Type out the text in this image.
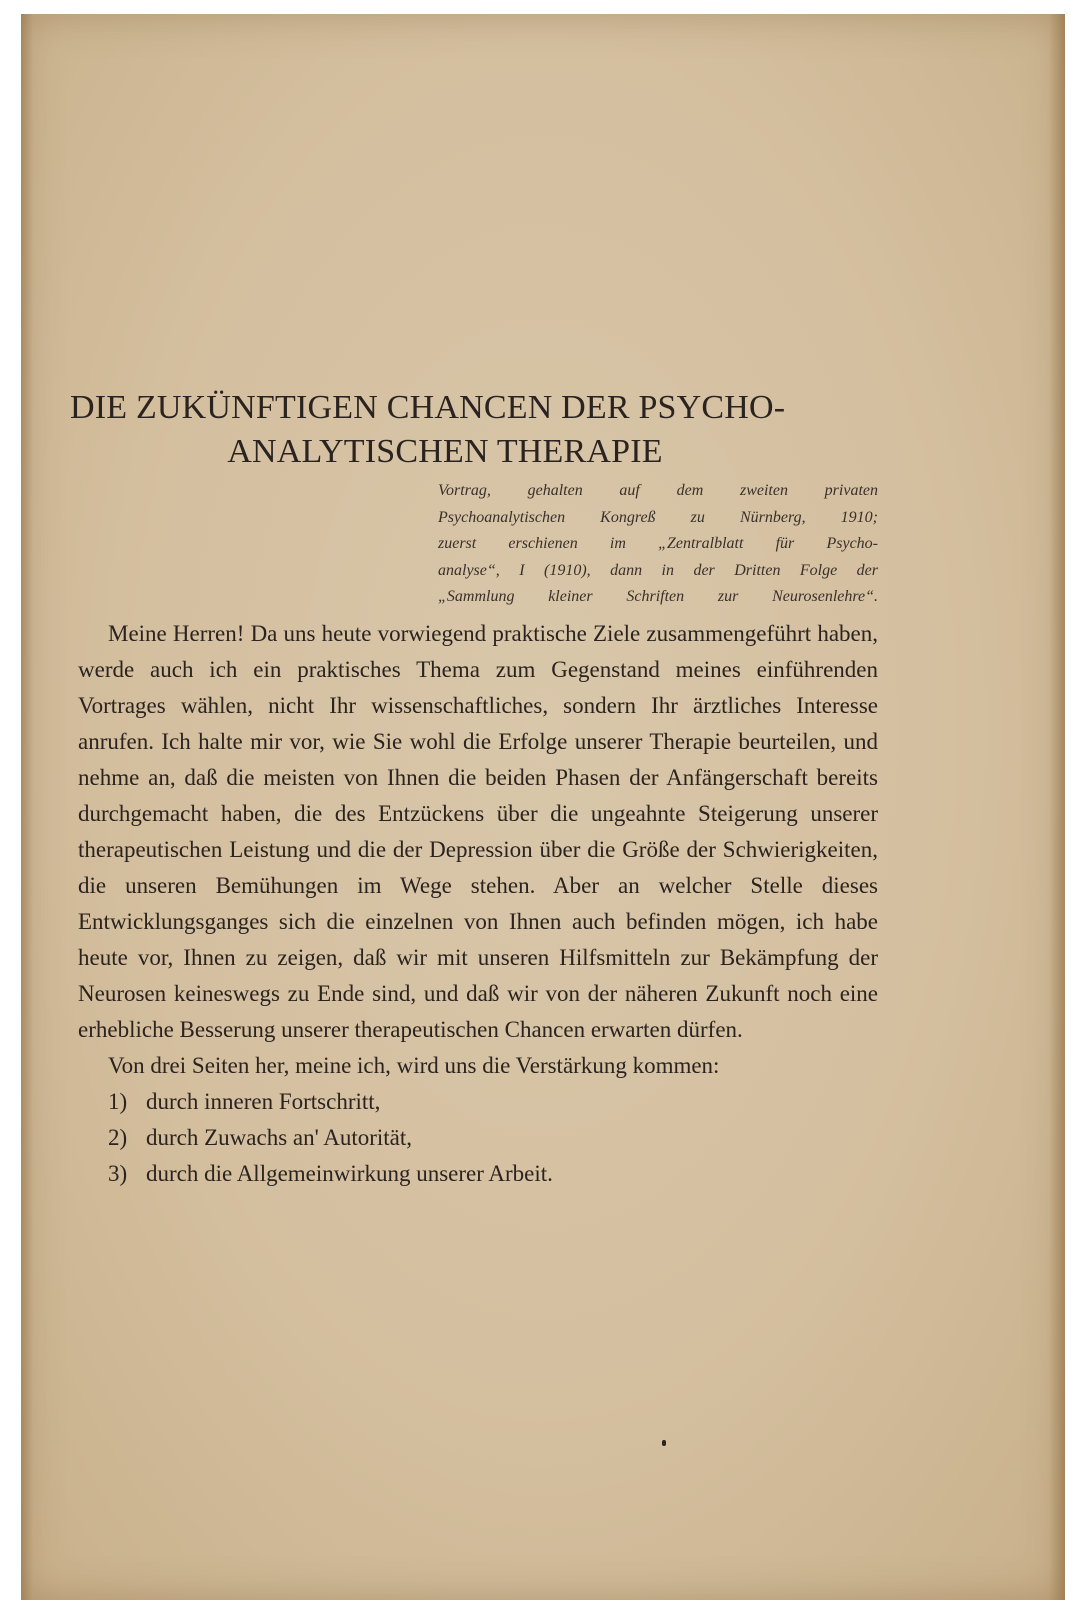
DIE ZUKÜNFTIGEN CHANCEN DER PSYCHO-
ANALYTISCHEN THERAPIE
Vortrag, gehalten auf dem zweiten privaten
Psychoanalytischen Kongreß zu Nürnberg, 1910;
zuerst erschienen im „Zentralblatt für Psycho-
analyse“, I (1910), dann in der Dritten Folge der
„Sammlung kleiner Schriften zur Neurosenlehre“.

Meine Herren! Da uns heute vorwiegend praktische Ziele zusammengeführt haben, werde auch ich ein praktisches Thema zum Gegenstand meines einführenden Vortrages wählen, nicht Ihr wissenschaftliches, sondern Ihr ärztliches Interesse anrufen. Ich halte mir vor, wie Sie wohl die Erfolge unserer Therapie beurteilen, und nehme an, daß die meisten von Ihnen die beiden Phasen der Anfängerschaft bereits durchgemacht haben, die des Entzückens über die ungeahnte Steigerung unserer therapeutischen Leistung und die der Depression über die Größe der Schwierigkeiten, die unseren Bemühungen im Wege stehen. Aber an welcher Stelle dieses Entwicklungsganges sich die einzelnen von Ihnen auch befinden mögen, ich habe heute vor, Ihnen zu zeigen, daß wir mit unseren Hilfsmitteln zur Bekämpfung der Neurosen keineswegs zu Ende sind, und daß wir von der näheren Zukunft noch eine erhebliche Besserung unserer therapeutischen Chancen erwarten dürfen.

Von drei Seiten her, meine ich, wird uns die Verstärkung kommen:

1) durch inneren Fortschritt,
2) durch Zuwachs an' Autorität,
3) durch die Allgemeinwirkung unserer Arbeit.
